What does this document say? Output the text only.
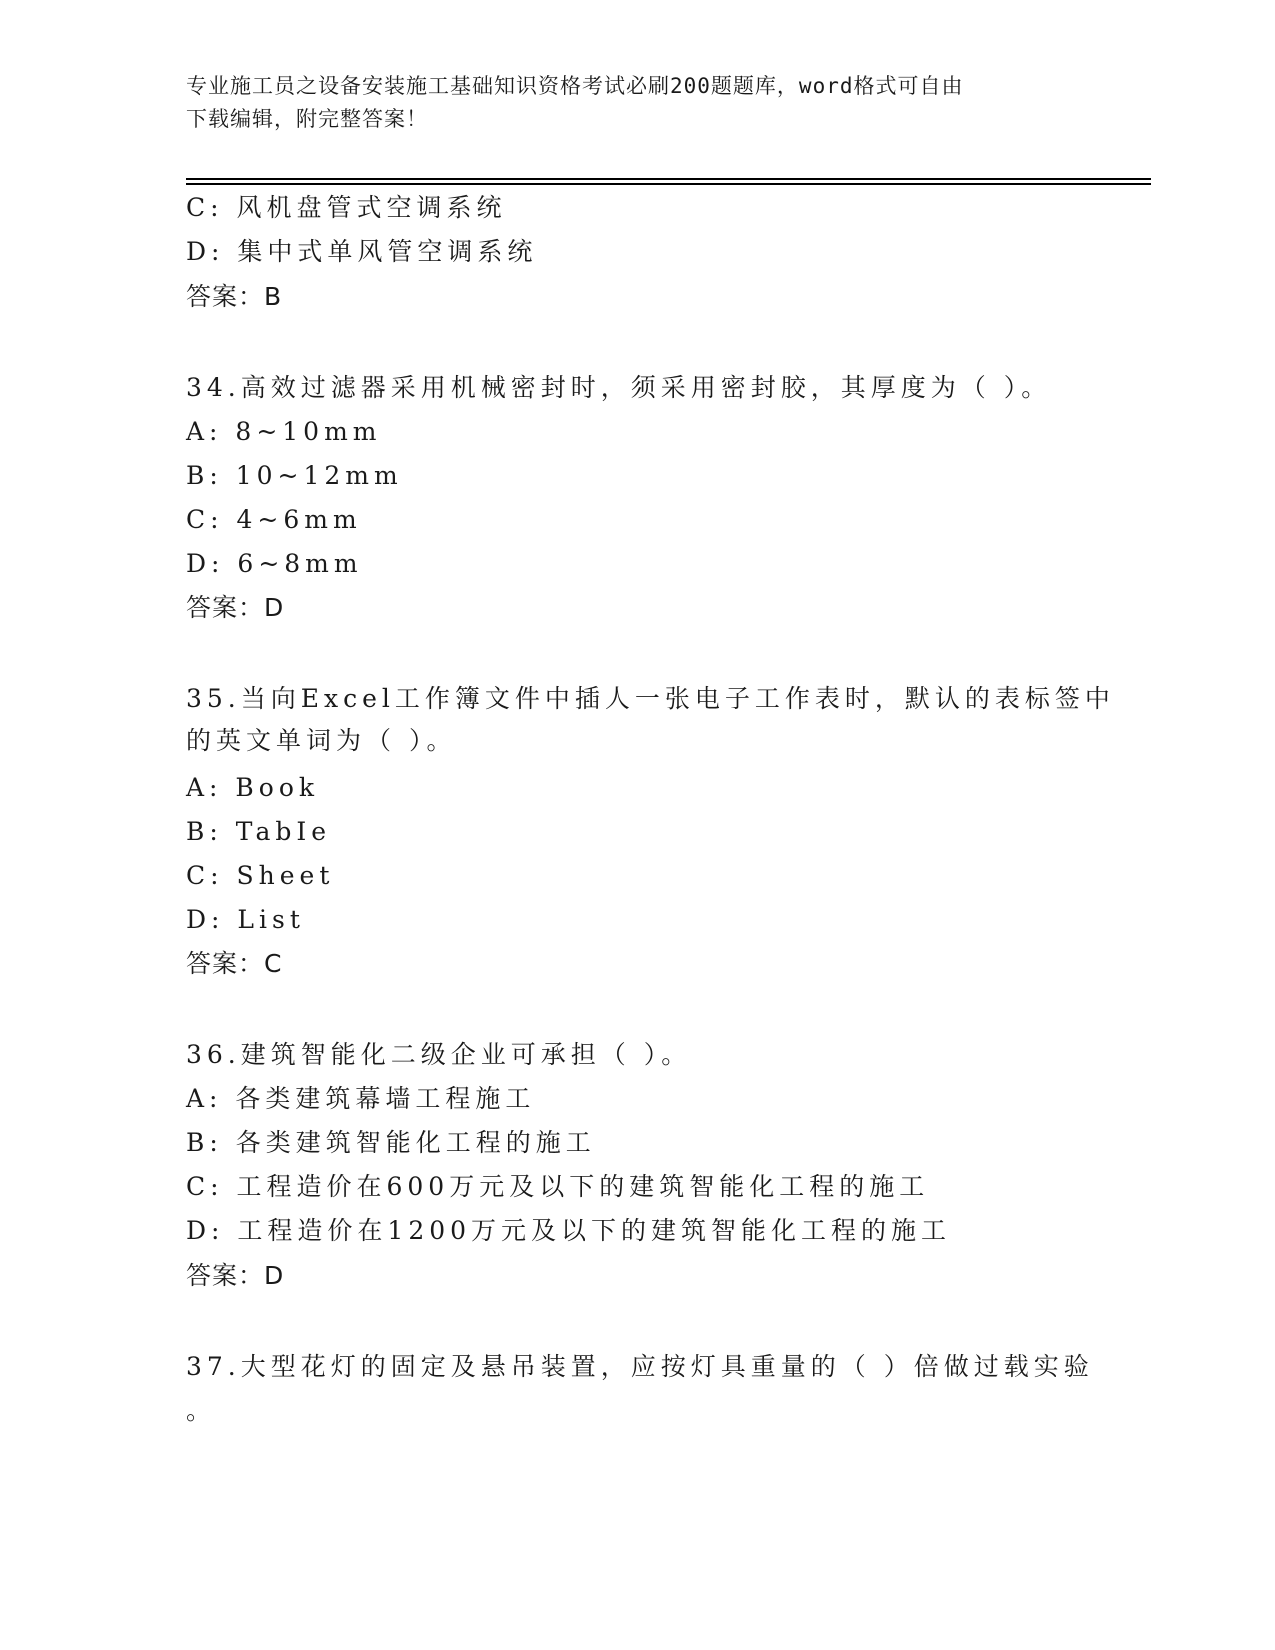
专业施工员之设备安装施工基础知识资格考试必刷200题题库，word格式可自由
下载编辑，附完整答案！
C: 风机盘管式空调系统
D: 集中式单风管空调系统
答案：B
34.高效过滤器采用机械密封时，须采用密封胶，其厚度为（ ）。
A: 8~10mm
B: 10~12mm
C: 4~6mm
D: 6~8mm
答案：D
35.当向Excel工作簿文件中插人一张电子工作表时，默认的表标签中
的英文单词为（ ）。
A: Book
B: TabIe
C: Sheet
D: List
答案：C
36.建筑智能化二级企业可承担（ ）。
A: 各类建筑幕墙工程施工
B: 各类建筑智能化工程的施工
C: 工程造价在600万元及以下的建筑智能化工程的施工
D: 工程造价在1200万元及以下的建筑智能化工程的施工
答案：D
37.大型花灯的固定及悬吊装置，应按灯具重量的（ ）倍做过载实验
。
